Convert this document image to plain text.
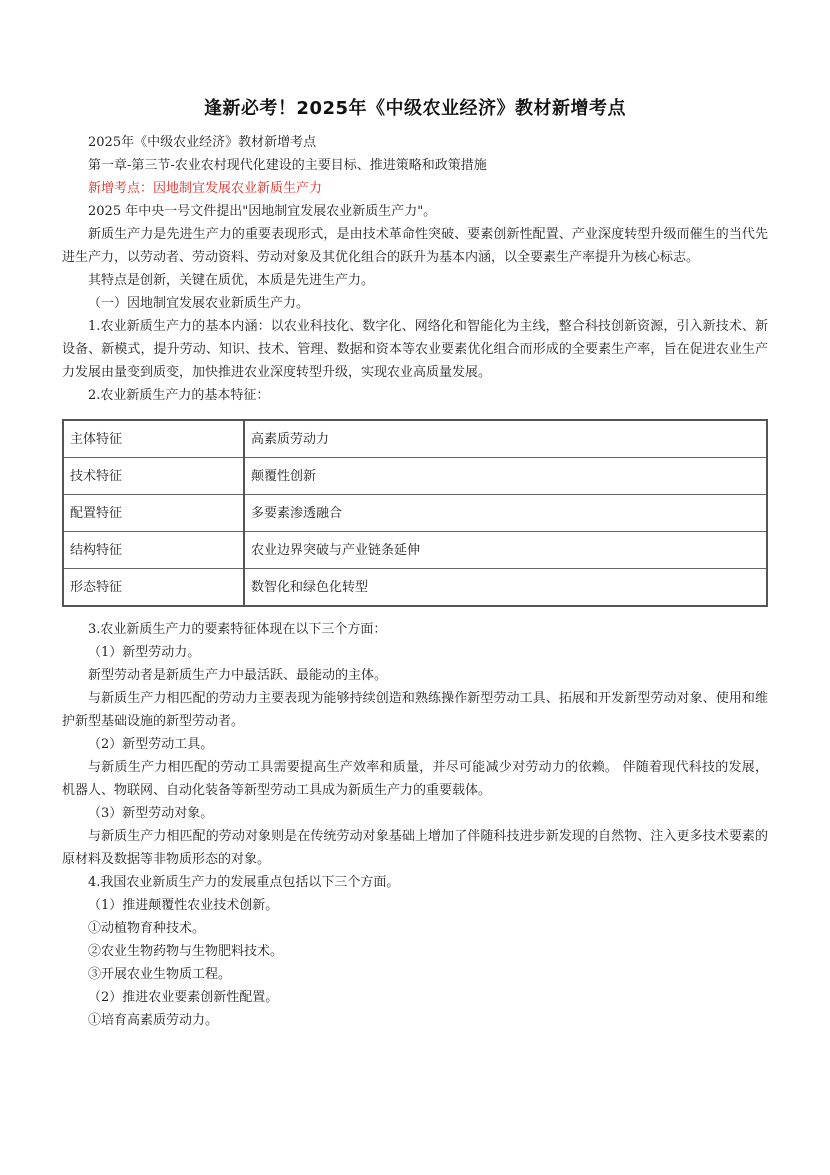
逢新必考！2025年《中级农业经济》教材新增考点

2025年《中级农业经济》教材新增考点

第一章-第三节-农业农村现代化建设的主要目标、推进策略和政策措施

新增考点：因地制宜发展农业新质生产力

2025 年中央一号文件提出"因地制宜发展农业新质生产力"。

新质生产力是先进生产力的重要表现形式，是由技术革命性突破、要素创新性配置、产业深度转型升级而催生的当代先进生产力，以劳动者、劳动资料、劳动对象及其优化组合的跃升为基本内涵，以全要素生产率提升为核心标志。

其特点是创新，关键在质优，本质是先进生产力。

（一）因地制宜发展农业新质生产力。

1.农业新质生产力的基本内涵：以农业科技化、数字化、网络化和智能化为主线，整合科技创新资源，引入新技术、新设备、新模式，提升劳动、知识、技术、管理、数据和资本等农业要素优化组合而形成的全要素生产率，旨在促进农业生产力发展由量变到质变，加快推进农业深度转型升级，实现农业高质量发展。

2.农业新质生产力的基本特征：

主体特征	高素质劳动力
技术特征	颠覆性创新
配置特征	多要素渗透融合
结构特征	农业边界突破与产业链条延伸
形态特征	数智化和绿色化转型

3.农业新质生产力的要素特征体现在以下三个方面：

（1）新型劳动力。

新型劳动者是新质生产力中最活跃、最能动的主体。

与新质生产力相匹配的劳动力主要表现为能够持续创造和熟练操作新型劳动工具、拓展和开发新型劳动对象、使用和维护新型基础设施的新型劳动者。

（2）新型劳动工具。

与新质生产力相匹配的劳动工具需要提高生产效率和质量，并尽可能减少对劳动力的依赖。 伴随着现代科技的发展，机器人、物联网、自动化装备等新型劳动工具成为新质生产力的重要载体。

（3）新型劳动对象。

与新质生产力相匹配的劳动对象则是在传统劳动对象基础上增加了伴随科技进步新发现的自然物、注入更多技术要素的原材料及数据等非物质形态的对象。

4.我国农业新质生产力的发展重点包括以下三个方面。

（1）推进颠覆性农业技术创新。

①动植物育种技术。

②农业生物药物与生物肥料技术。

③开展农业生物质工程。

（2）推进农业要素创新性配置。

①培育高素质劳动力。
